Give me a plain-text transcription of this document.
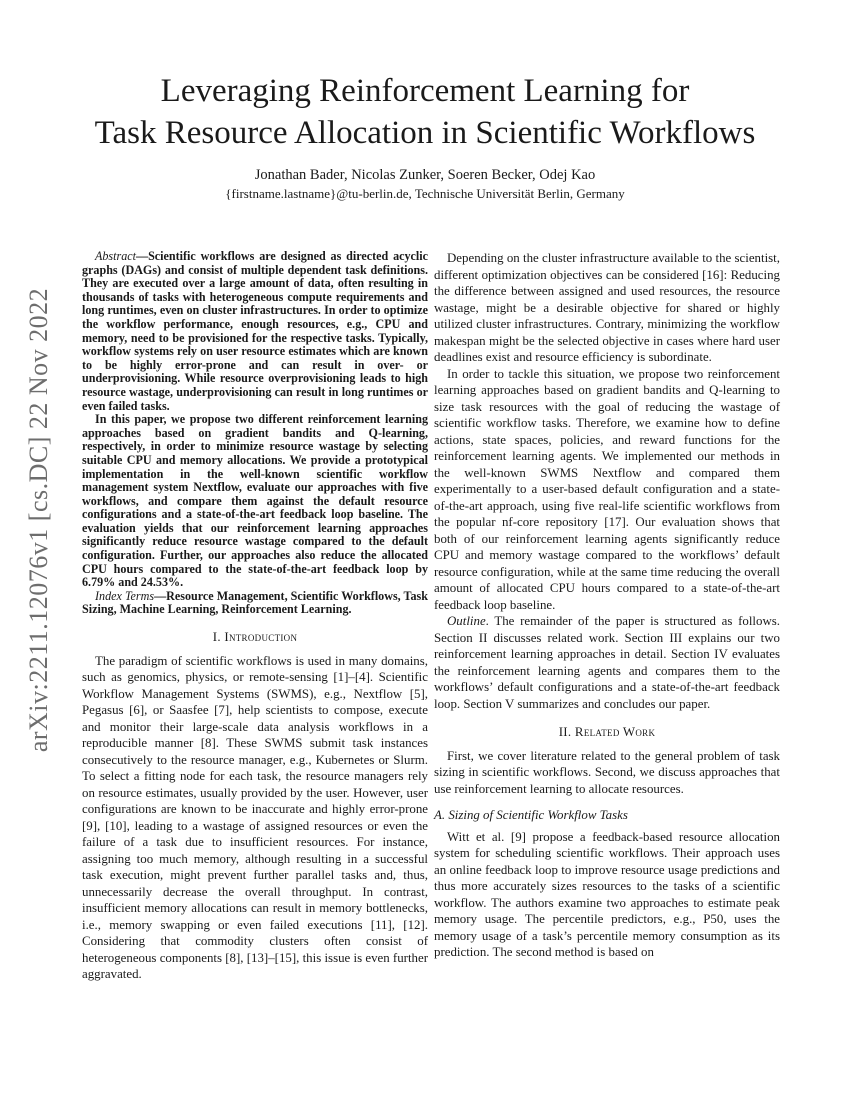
Leveraging Reinforcement Learning for
Task Resource Allocation in Scientific Workflows
Jonathan Bader, Nicolas Zunker, Soeren Becker, Odej Kao
{firstname.lastname}@tu-berlin.de, Technische Universität Berlin, Germany
arXiv:2211.12076v1 [cs.DC] 22 Nov 2022

Abstract—Scientific workflows are designed as directed acyclic graphs (DAGs) and consist of multiple dependent task definitions. They are executed over a large amount of data, often resulting in thousands of tasks with heterogeneous compute requirements and long runtimes, even on cluster infrastructures. In order to optimize the workflow performance, enough resources, e.g., CPU and memory, need to be provisioned for the respective tasks. Typically, workflow systems rely on user resource estimates which are known to be highly error-prone and can result in over- or underprovisioning. While resource overprovisioning leads to high resource wastage, underprovisioning can result in long runtimes or even failed tasks.

In this paper, we propose two different reinforcement learning approaches based on gradient bandits and Q-learning, respectively, in order to minimize resource wastage by selecting suitable CPU and memory allocations. We provide a prototypical implementation in the well-known scientific workflow management system Nextflow, evaluate our approaches with five workflows, and compare them against the default resource configurations and a state-of-the-art feedback loop baseline. The evaluation yields that our reinforcement learning approaches significantly reduce resource wastage compared to the default configuration. Further, our approaches also reduce the allocated CPU hours compared to the state-of-the-art feedback loop by 6.79% and 24.53%.

Index Terms—Resource Management, Scientific Workflows, Task Sizing, Machine Learning, Reinforcement Learning.

I. Introduction

The paradigm of scientific workflows is used in many domains, such as genomics, physics, or remote-sensing [1]–[4]. Scientific Workflow Management Systems (SWMS), e.g., Nextflow [5], Pegasus [6], or Saasfee [7], help scientists to compose, execute and monitor their large-scale data analysis workflows in a reproducible manner [8]. These SWMS submit task instances consecutively to the resource manager, e.g., Kubernetes or Slurm. To select a fitting node for each task, the resource managers rely on resource estimates, usually provided by the user. However, user configurations are known to be inaccurate and highly error-prone [9], [10], leading to a wastage of assigned resources or even the failure of a task due to insufficient resources. For instance, assigning too much memory, although resulting in a successful task execution, might prevent further parallel tasks and, thus, unnecessarily decrease the overall throughput. In contrast, insufficient memory allocations can result in memory bottlenecks, i.e., memory swapping or even failed executions [11], [12]. Considering that commodity clusters often consist of heterogeneous components [8], [13]–[15], this issue is even further aggravated.

Depending on the cluster infrastructure available to the scientist, different optimization objectives can be considered [16]: Reducing the difference between assigned and used resources, the resource wastage, might be a desirable objective for shared or highly utilized cluster infrastructures. Contrary, minimizing the workflow makespan might be the selected objective in cases where hard user deadlines exist and resource efficiency is subordinate.

In order to tackle this situation, we propose two reinforcement learning approaches based on gradient bandits and Q-learning to size task resources with the goal of reducing the wastage of scientific workflow tasks. Therefore, we examine how to define actions, state spaces, policies, and reward functions for the reinforcement learning agents. We implemented our methods in the well-known SWMS Nextflow and compared them experimentally to a user-based default configuration and a state-of-the-art approach, using five real-life scientific workflows from the popular nf-core repository [17]. Our evaluation shows that both of our reinforcement learning agents significantly reduce CPU and memory wastage compared to the workflows’ default resource configuration, while at the same time reducing the overall amount of allocated CPU hours compared to a state-of-the-art feedback loop baseline.

Outline. The remainder of the paper is structured as follows. Section II discusses related work. Section III explains our two reinforcement learning approaches in detail. Section IV evaluates the reinforcement learning agents and compares them to the workflows’ default configurations and a state-of-the-art feedback loop. Section V summarizes and concludes our paper.

II. Related Work

First, we cover literature related to the general problem of task sizing in scientific workflows. Second, we discuss approaches that use reinforcement learning to allocate resources.

A. Sizing of Scientific Workflow Tasks

Witt et al. [9] propose a feedback-based resource allocation system for scheduling scientific workflows. Their approach uses an online feedback loop to improve resource usage predictions and thus more accurately sizes resources to the tasks of a scientific workflow. The authors examine two approaches to estimate peak memory usage. The percentile predictors, e.g., P50, uses the memory usage of a task’s percentile memory consumption as its prediction. The second method is based on
